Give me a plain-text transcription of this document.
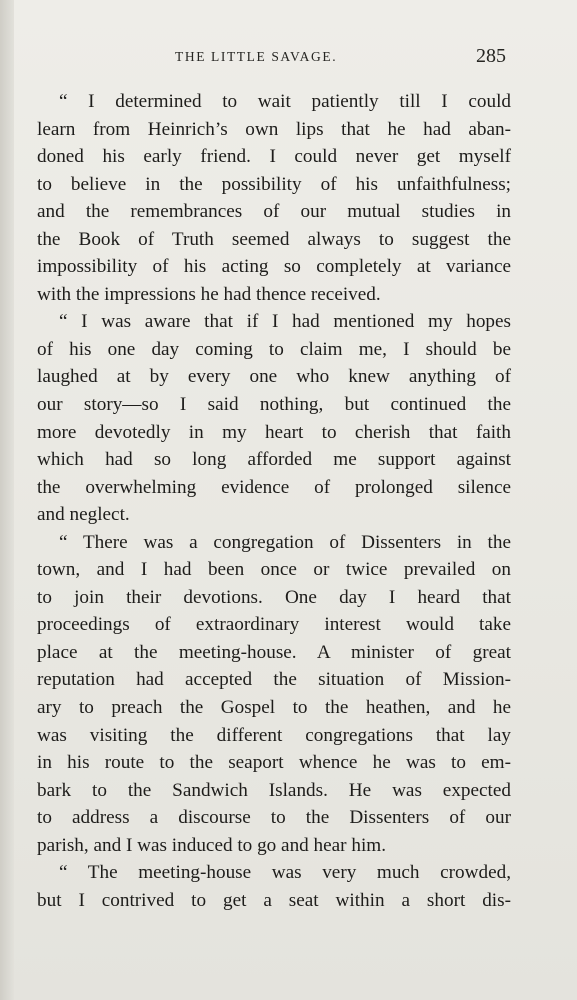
THE LITTLE SAVAGE.	285
“ I determined to wait patiently till I could
learn from Heinrich’s own lips that he had aban-
doned his early friend. I could never get myself
to believe in the possibility of his unfaithfulness;
and the remembrances of our mutual studies in
the Book of Truth seemed always to suggest the
impossibility of his acting so completely at variance
with the impressions he had thence received.
“ I was aware that if I had mentioned my hopes
of his one day coming to claim me, I should be
laughed at by every one who knew anything of
our story—so I said nothing, but continued the
more devotedly in my heart to cherish that faith
which had so long afforded me support against
the overwhelming evidence of prolonged silence
and neglect.
“ There was a congregation of Dissenters in the
town, and I had been once or twice prevailed on
to join their devotions. One day I heard that
proceedings of extraordinary interest would take
place at the meeting-house. A minister of great
reputation had accepted the situation of Mission-
ary to preach the Gospel to the heathen, and he
was visiting the different congregations that lay
in his route to the seaport whence he was to em-
bark to the Sandwich Islands. He was expected
to address a discourse to the Dissenters of our
parish, and I was induced to go and hear him.
“ The meeting-house was very much crowded,
but I contrived to get a seat within a short dis-
